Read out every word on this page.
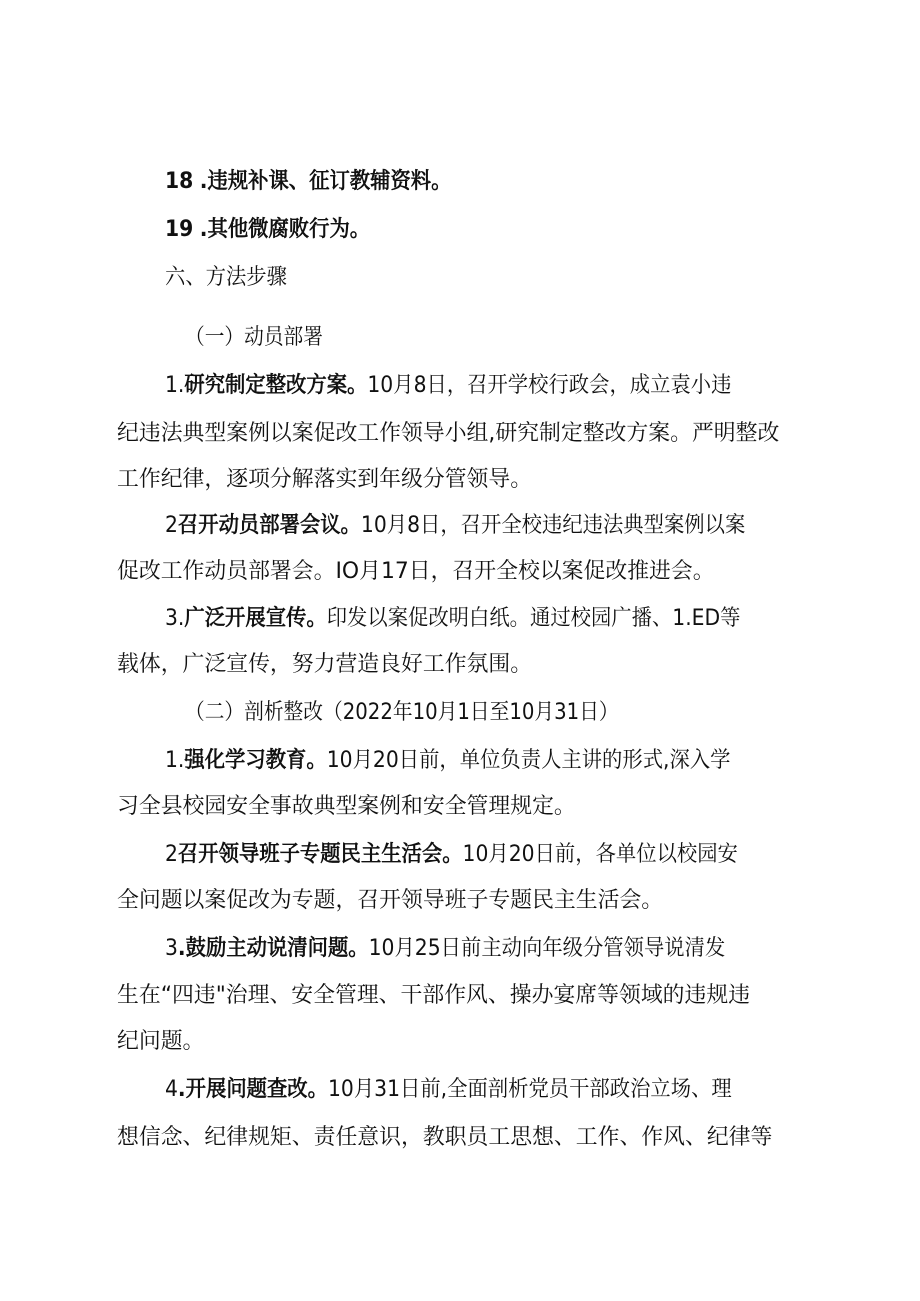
18 .违规补课、征订教辅资料。
19 .其他微腐败行为。
六、方法步骤
（一）动员部署
1.研究制定整改方案。10月8日，召开学校行政会，成立袁小违
纪违法典型案例以案促改工作领导小组,研究制定整改方案。严明整改
工作纪律，逐项分解落实到年级分管领导。
2召开动员部署会议。10月8日，召开全校违纪违法典型案例以案
促改工作动员部署会。IO月17日，召开全校以案促改推进会。
3.广泛开展宣传。印发以案促改明白纸。通过校园广播、1.ED等
载体，广泛宣传，努力营造良好工作氛围。
（二）剖析整改（2022年10月1日至10月31日）
1.强化学习教育。10月20日前，单位负责人主讲的形式,深入学
习全县校园安全事故典型案例和安全管理规定。
2召开领导班子专题民主生活会。10月20日前，各单位以校园安
全问题以案促改为专题，召开领导班子专题民主生活会。
3.鼓励主动说清问题。10月25日前主动向年级分管领导说清发
生在“四违"治理、安全管理、干部作风、操办宴席等领域的违规违
纪问题。
4.开展问题查改。10月31日前,全面剖析党员干部政治立场、理
想信念、纪律规矩、责任意识，教职员工思想、工作、作风、纪律等
